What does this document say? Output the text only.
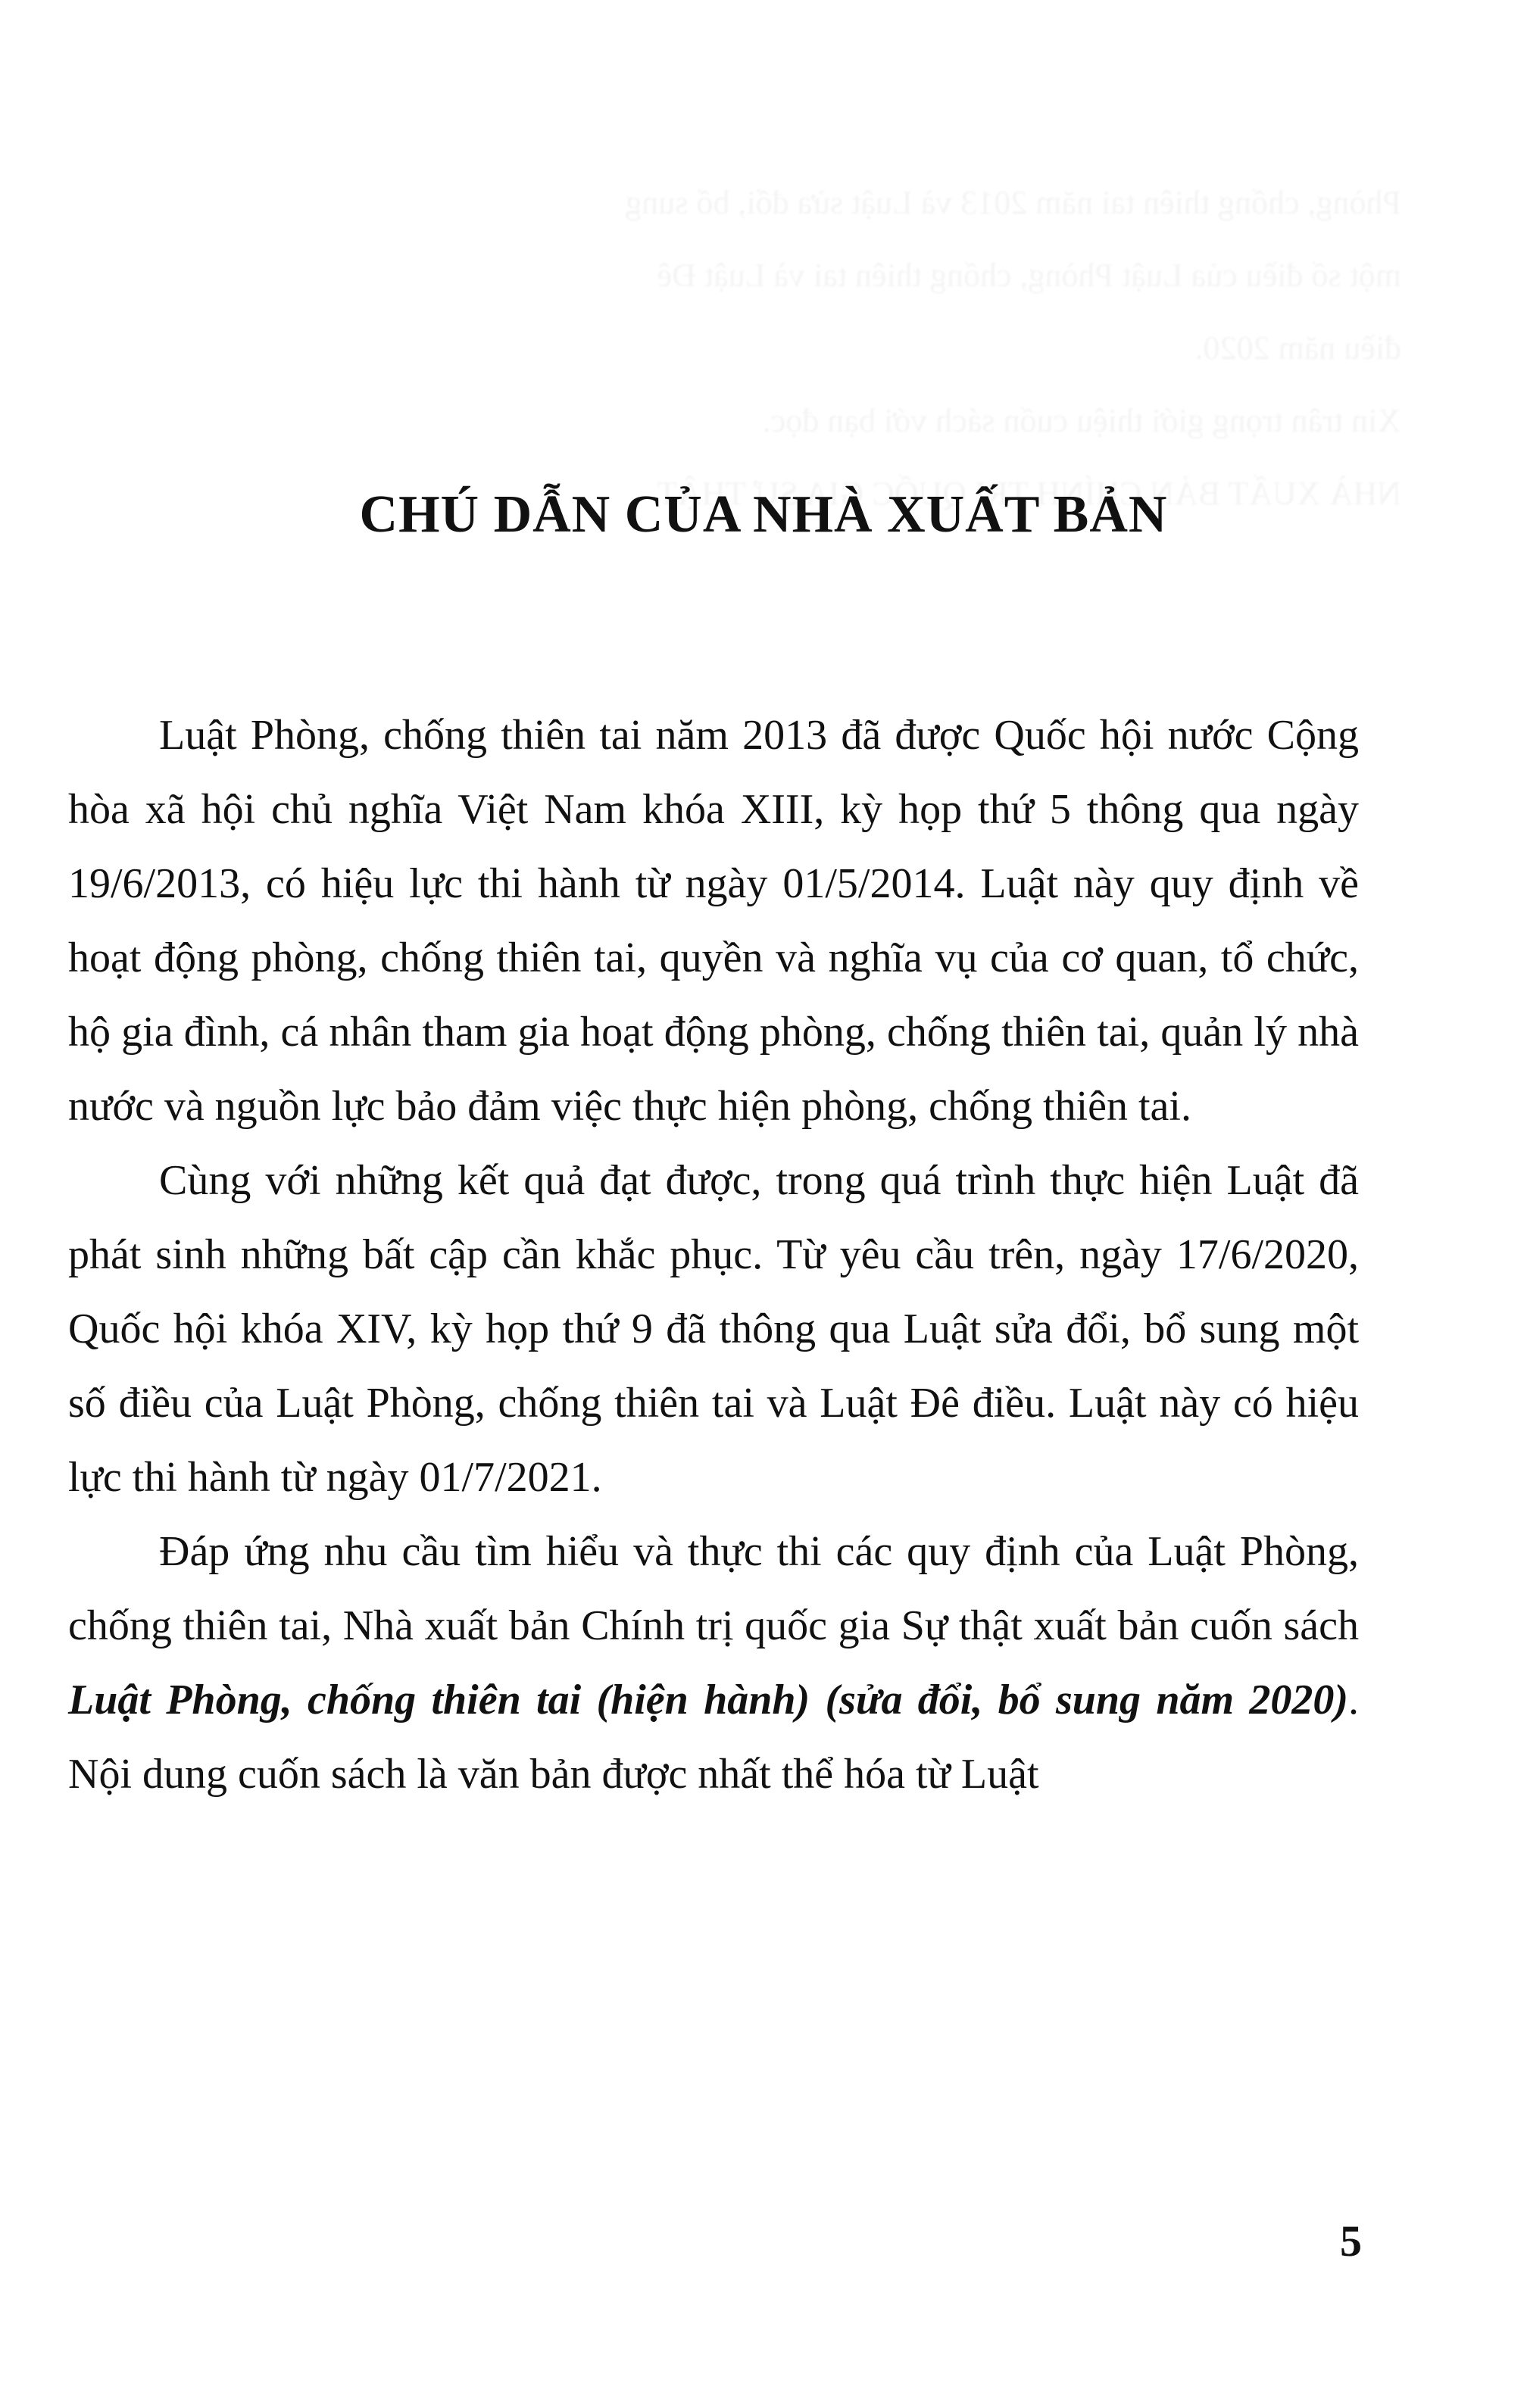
CHÚ DẪN CỦA NHÀ XUẤT BẢN

Luật Phòng, chống thiên tai năm 2013 đã được Quốc hội nước Cộng hòa xã hội chủ nghĩa Việt Nam khóa XIII, kỳ họp thứ 5 thông qua ngày 19/6/2013, có hiệu lực thi hành từ ngày 01/5/2014. Luật này quy định về hoạt động phòng, chống thiên tai, quyền và nghĩa vụ của cơ quan, tổ chức, hộ gia đình, cá nhân tham gia hoạt động phòng, chống thiên tai, quản lý nhà nước và nguồn lực bảo đảm việc thực hiện phòng, chống thiên tai.

Cùng với những kết quả đạt được, trong quá trình thực hiện Luật đã phát sinh những bất cập cần khắc phục. Từ yêu cầu trên, ngày 17/6/2020, Quốc hội khóa XIV, kỳ họp thứ 9 đã thông qua Luật sửa đổi, bổ sung một số điều của Luật Phòng, chống thiên tai và Luật Đê điều. Luật này có hiệu lực thi hành từ ngày 01/7/2021.

Đáp ứng nhu cầu tìm hiểu và thực thi các quy định của Luật Phòng, chống thiên tai, Nhà xuất bản Chính trị quốc gia Sự thật xuất bản cuốn sách Luật Phòng, chống thiên tai (hiện hành) (sửa đổi, bổ sung năm 2020). Nội dung cuốn sách là văn bản được nhất thể hóa từ Luật

5
